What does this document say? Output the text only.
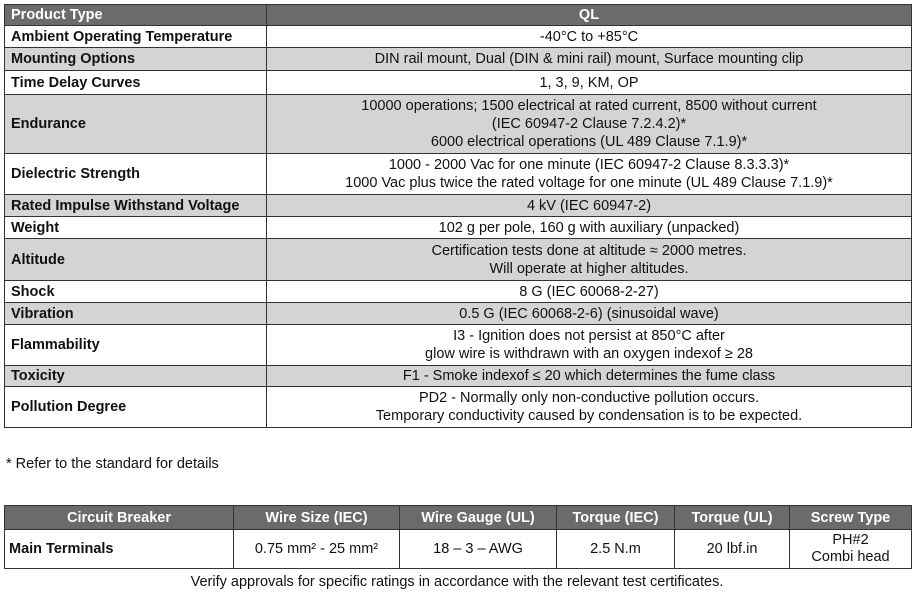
Product Type	QL
Ambient Operating Temperature	-40°C to +85°C
Mounting Options	DIN rail mount, Dual (DIN & mini rail) mount, Surface mounting clip
Time Delay Curves	1, 3, 9, KM, OP
Endurance	10000 operations; 1500 electrical at rated current, 8500 without current
(IEC 60947-2 Clause 7.2.4.2)*
6000 electrical operations (UL 489 Clause 7.1.9)*
Dielectric Strength	1000 - 2000 Vac for one minute (IEC 60947-2 Clause 8.3.3.3)*
1000 Vac plus twice the rated voltage for one minute (UL 489 Clause 7.1.9)*
Rated Impulse Withstand Voltage	4 kV (IEC 60947-2)
Weight	102 g per pole, 160 g with auxiliary (unpacked)
Altitude	Certification tests done at altitude ≈ 2000 metres.
Will operate at higher altitudes.
Shock	8 G (IEC 60068-2-27)
Vibration	0.5 G (IEC 60068-2-6) (sinusoidal wave)
Flammability	I3 - Ignition does not persist at 850°C after
glow wire is withdrawn with an oxygen indexof ≥ 28
Toxicity	F1 - Smoke indexof ≤ 20 which determines the fume class
Pollution Degree	PD2 - Normally only non-conductive pollution occurs.
Temporary conductivity caused by condensation is to be expected.
* Refer to the standard for details
Circuit Breaker	Wire Size (IEC)	Wire Gauge (UL)	Torque (IEC)	Torque (UL)	Screw Type
Main Terminals	0.75 mm² - 25 mm²	18 – 3 – AWG	2.5 N.m	20 lbf.in	PH#2
Combi head
Verify approvals for specific ratings in accordance with the relevant test certificates.
